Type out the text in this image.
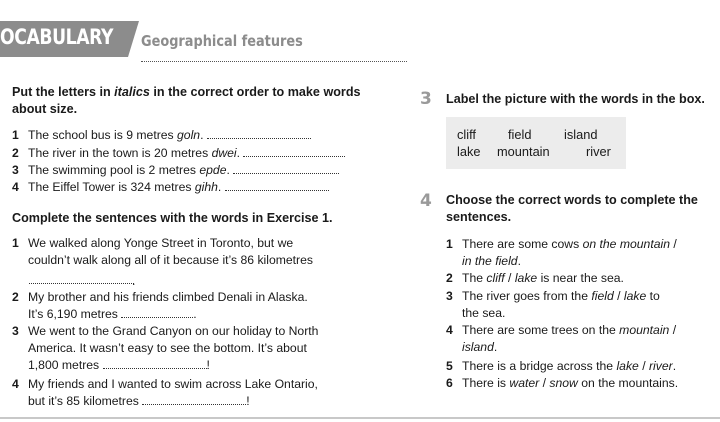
OCABULARY Geographical features
Put the letters in italics in the correct order to make words
about size.
1 The school bus is 9 metres goln.
2 The river in the town is 20 metres dwei.
3 The swimming pool is 2 metres epde.
4 The Eiffel Tower is 324 metres gihh.
Complete the sentences with the words in Exercise 1.
1 We walked along Yonge Street in Toronto, but we
couldn’t walk along all of it because it’s 86 kilometres
.
2 My brother and his friends climbed Denali in Alaska.
It’s 6,190 metres	.
3 We went to the Grand Canyon on our holiday to North
America. It wasn’t easy to see the bottom. It’s about
1,800 metres	!
4 My friends and I wanted to swim across Lake Ontario,
but it’s 85 kilometres	!
3 Label the picture with the words in the box.
cliff	field	island
lake mountain	river
4 Choose the correct words to complete the
sentences.
1 There are some cows on the mountain /
in the field.
2 The cliff / lake is near the sea.
3 The river goes from the field / lake to
the sea.
4 There are some trees on the mountain /
island.
5 There is a bridge across the lake / river.
6 There is water / snow on the mountains.
